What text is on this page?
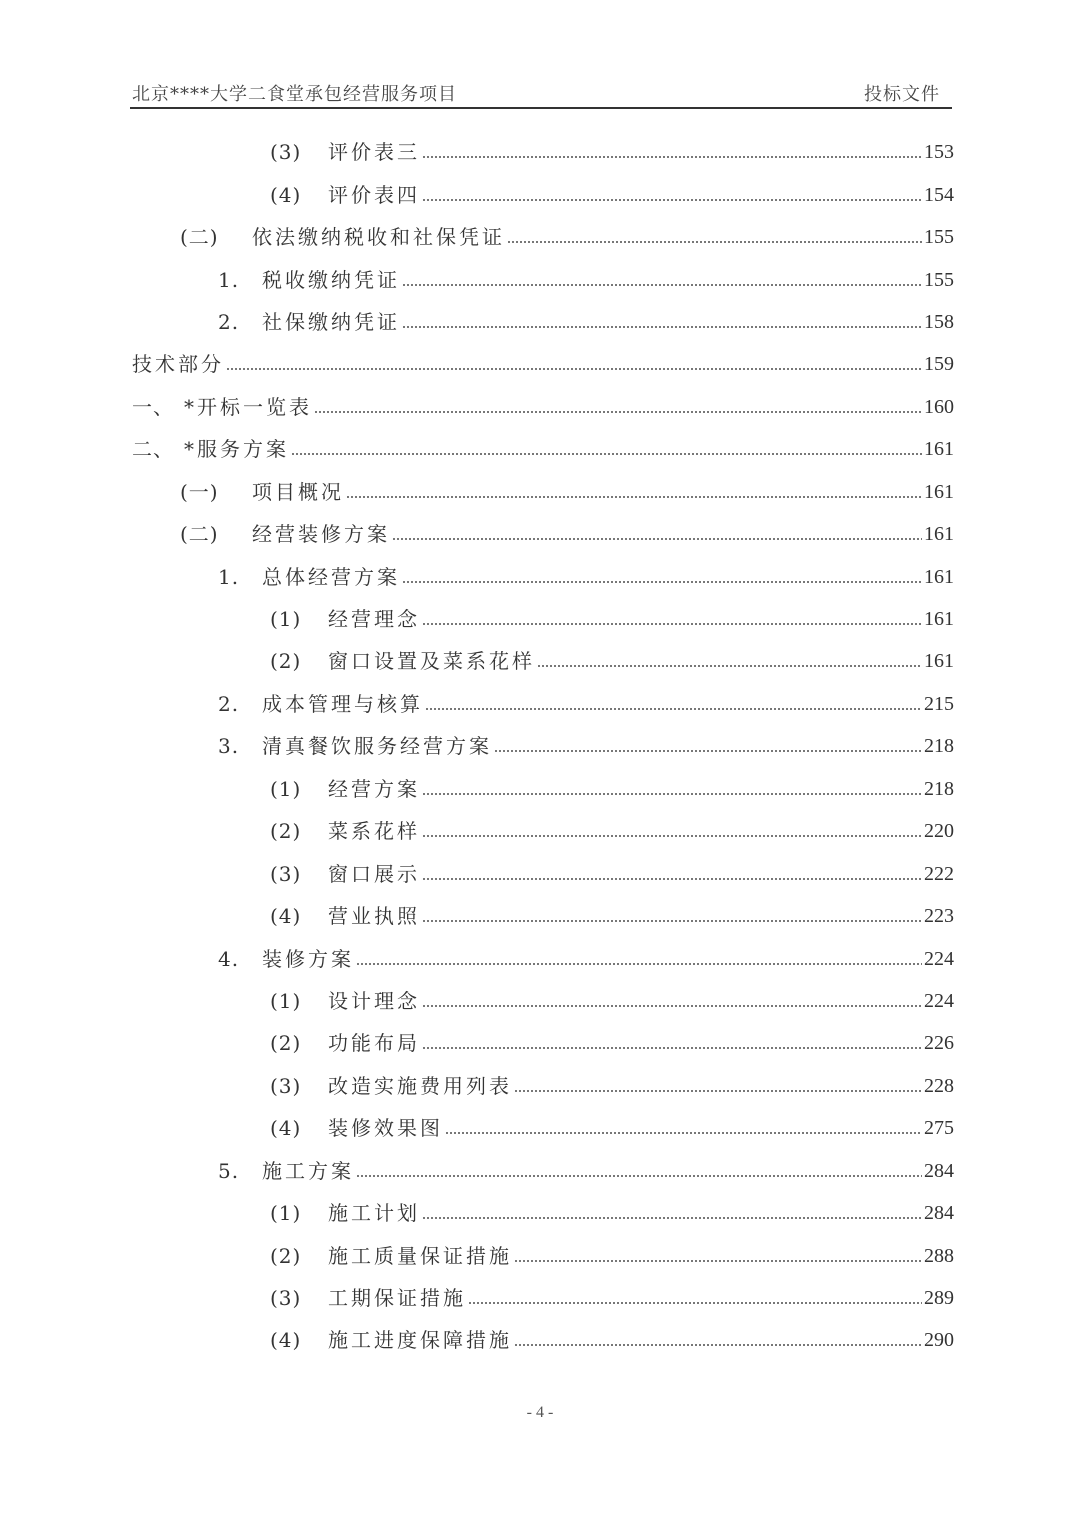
北京****大学二食堂承包经营服务项目	投标文件
(3)	评价表三	153
(4)	评价表四	154
(二)	依法缴纳税收和社保凭证	155
1.	税收缴纳凭证	155
2.	社保缴纳凭证	158
技术部分	159
一、 *开标一览表	160
二、 *服务方案	161
(一)	项目概况	161
(二)	经营装修方案	161
1.	总体经营方案	161
(1)	经营理念	161
(2)	窗口设置及菜系花样	161
2.	成本管理与核算	215
3.	清真餐饮服务经营方案	218
(1)	经营方案	218
(2)	菜系花样	220
(3)	窗口展示	222
(4)	营业执照	223
4.	装修方案	224
(1)	设计理念	224
(2)	功能布局	226
(3)	改造实施费用列表	228
(4)	装修效果图	275
5.	施工方案	284
(1)	施工计划	284
(2)	施工质量保证措施	288
(3)	工期保证措施	289
(4)	施工进度保障措施	290
- 4 -
